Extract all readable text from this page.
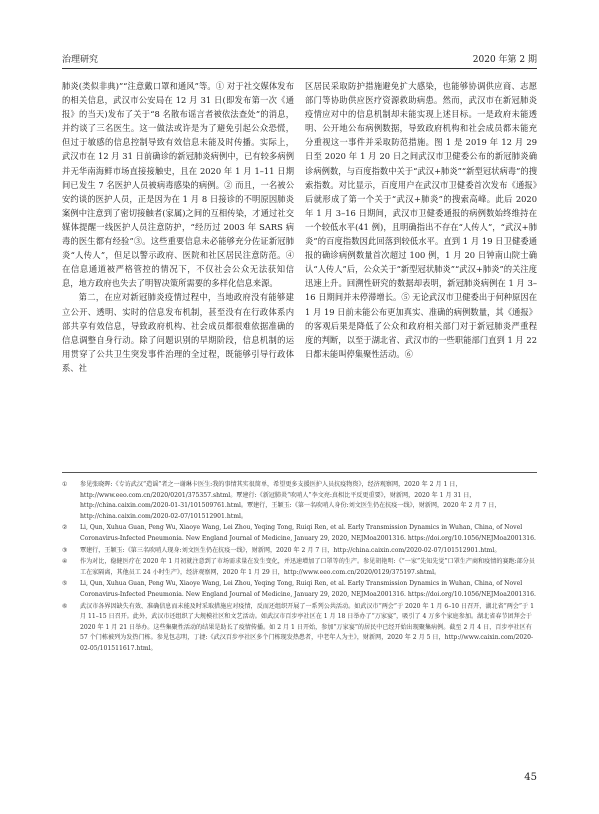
治理研究	2020 年第 2 期

肺炎(类似非典)”“注意戴口罩和通风”等。① 对于社交媒体发布的相关信息，武汉市公安局在 12 月 31 日(即发布第一次《通报》的当天)发布了关于“8 名散布谣言者被依法查处”的消息，并约谈了三名医生。这一做法或许是为了避免引起公众恐慌，但过于敏感的信息控制导致有效信息未能及时传播。实际上，武汉市在 12 月 31 日前确诊的新冠肺炎病例中，已有较多病例并无华南海鲜市场直接接触史，且在 2020 年 1 月 1–11 日期间已发生 7 名医护人员被病毒感染的病例。② 而且，一名被公安约谈的医护人员，正是因为在 1 月 8 日接诊的不明原因肺炎案例中注意到了密切接触者(家属)之间的互相传染，才通过社交媒体提醒一线医护人员注意防护，“经历过 2003 年 SARS 病毒的医生都有经验”③。这些重要信息未必能够充分佐证新冠肺炎“人传人”，但足以警示政府、医院和社区居民注意防范。④ 在信息通道被严格管控的情况下，不仅社会公众无法获知信息，地方政府也失去了明智决策所需要的多样化信息来源。

第二，在应对新冠肺炎疫情过程中，当地政府没有能够建立公开、透明、实时的信息发布机制，甚至没有在行政体系内部共享有效信息，导致政府机构、社会成员都很难依据准确的信息调整自身行动。除了问题识别的早期阶段，信息机制的运用贯穿了公共卫生突发事件治理的全过程，既能够引导行政体系、社

区居民采取防护措施避免扩大感染，也能够协调供应商、志愿部门等协助供应医疗资源救助病患。然而，武汉市在新冠肺炎疫情应对中的信息机制却未能实现上述目标。一是政府未能透明、公开地公布病例数据，导致政府机构和社会成员都未能充分重视这一事件并采取防范措施。图 1 是 2019 年 12 月 29 日至 2020 年 1 月 20 日之间武汉市卫健委公布的新冠肺炎确诊病例数，与百度指数中关于“武汉+肺炎”“新型冠状病毒”的搜索指数。对比显示，百度用户在武汉市卫健委首次发布《通报》后就形成了第一个关于“武汉+肺炎”的搜索高峰。此后 2020 年 1 月 3–16 日期间，武汉市卫健委通报的病例数始终维持在一个较低水平(41 例)，且明确指出不存在“人传人”，“武汉+肺炎”的百度指数因此回落到较低水平。直到 1 月 19 日卫健委通报的确诊病例数量首次超过 100 例，1 月 20 日钟南山院士确认“人传人”后，公众关于“新型冠状肺炎”“武汉+肺炎”的关注度迅速上升。回溯性研究的数据却表明，新冠肺炎病例在 1 月 3–16 日期间并未停滞增长。⑤ 无论武汉市卫健委出于何种原因在 1 月 19 日前未能公布更加真实、准确的病例数量，其《通报》的客观后果是降低了公众和政府相关部门对于新冠肺炎严重程度的判断，以至于湖北省、武汉市的一些职能部门直到 1 月 22 日都未能叫停集聚性活动。⑥

① 参见张晓晖:《专访武汉“造谣”者之一谢琳卡医生:我的事情其实很简单，希望更多支援医护人员抗疫物资》，经济观察网，2020 年 2 月 1 日，http://www.eeo.com.cn/2020/0201/375357.shtml。覃建行:《新冠肺炎“吹哨人”李文亮:真相比平反更重要》，财新网，2020 年 1 月 31 日，http://china.caixin.com/2020-01-31/101509761.html。覃建行，王颖玉:《第一名吹哨人身份:刘文医生仍在抗疫一线》，财新网，2020 年 2 月 7 日，http://china.caixin.com/2020-02-07/101512901.html。
② Li, Qun, Xuhua Guan, Peng Wu, Xiaoye Wang, Lei Zhou, Yeqing Tong, Ruiqi Ren, et al. Early Transmission Dynamics in Wuhan, China, of Novel Coronavirus-Infected Pneumonia. New England Journal of Medicine, January 29, 2020, NEJMoa2001316. https://doi.org/10.1056/NEJMoa2001316.
③ 覃建行，王颖玉:《第三名吹哨人现身:刘文医生仍在抗疫一线》，财新网，2020 年 2 月 7 日，http://china.caixin.com/2020-02-07/101512901.html。
④ 作为对比，稳健医疗在 2020 年 1 月初就注意到了市场需求量在发生变化，并迅速增加了口罩等的生产。参见胡艳明:《“一家”先知先觉”口罩生产商和疫情的赛跑:部分员工在家隔离，其他员工 24 小时生产》，经济观察网，2020 年 1 月 29 日，http://www.eeo.com.cn/2020/0129/375197.shtml。
⑤ Li, Qun, Xuhua Guan, Peng Wu, Xiaoye Wang, Lei Zhou, Yeqing Tong, Ruiqi Ren, et al. Early Transmission Dynamics in Wuhan, China, of Novel Coronavirus-Infected Pneumonia. New England Journal of Medicine, January 29, 2020, NEJMoa2001316. https://doi.org/10.1056/NEJMoa2001316.
⑥ 武汉市各界因缺失有效、准确信息而未能及时采取措施应对疫情，反而还组织开展了一系列公共活动。如武汉市“两会”于 2020 年 1 月 6–10 日召开，湖北省“两会”于 1 月 11–15 日召开。此外，武汉市还组织了大规模社区和文艺活动。如武汉市百步亭社区在 1 月 18 日举办了“万家宴”，吸引了 4 万多个家庭参加。湖北省春节团拜会于 2020 年 1 月 21 日举办。这些集聚性活动的结果是助长了疫情传播。如 2 月 1 日开始，参加“万家宴”的居民中已经开始出现聚集病例。截至 2 月 4 日，百步亭社区有 57 个门栋被列为发热门栋。参见包志明，丁捷:《武汉百步亭社区多个门栋现发热患者，中老年人为主》，财新网，2020 年 2 月 5 日，http://www.caixin.com/2020-02-05/101511617.html。
45
